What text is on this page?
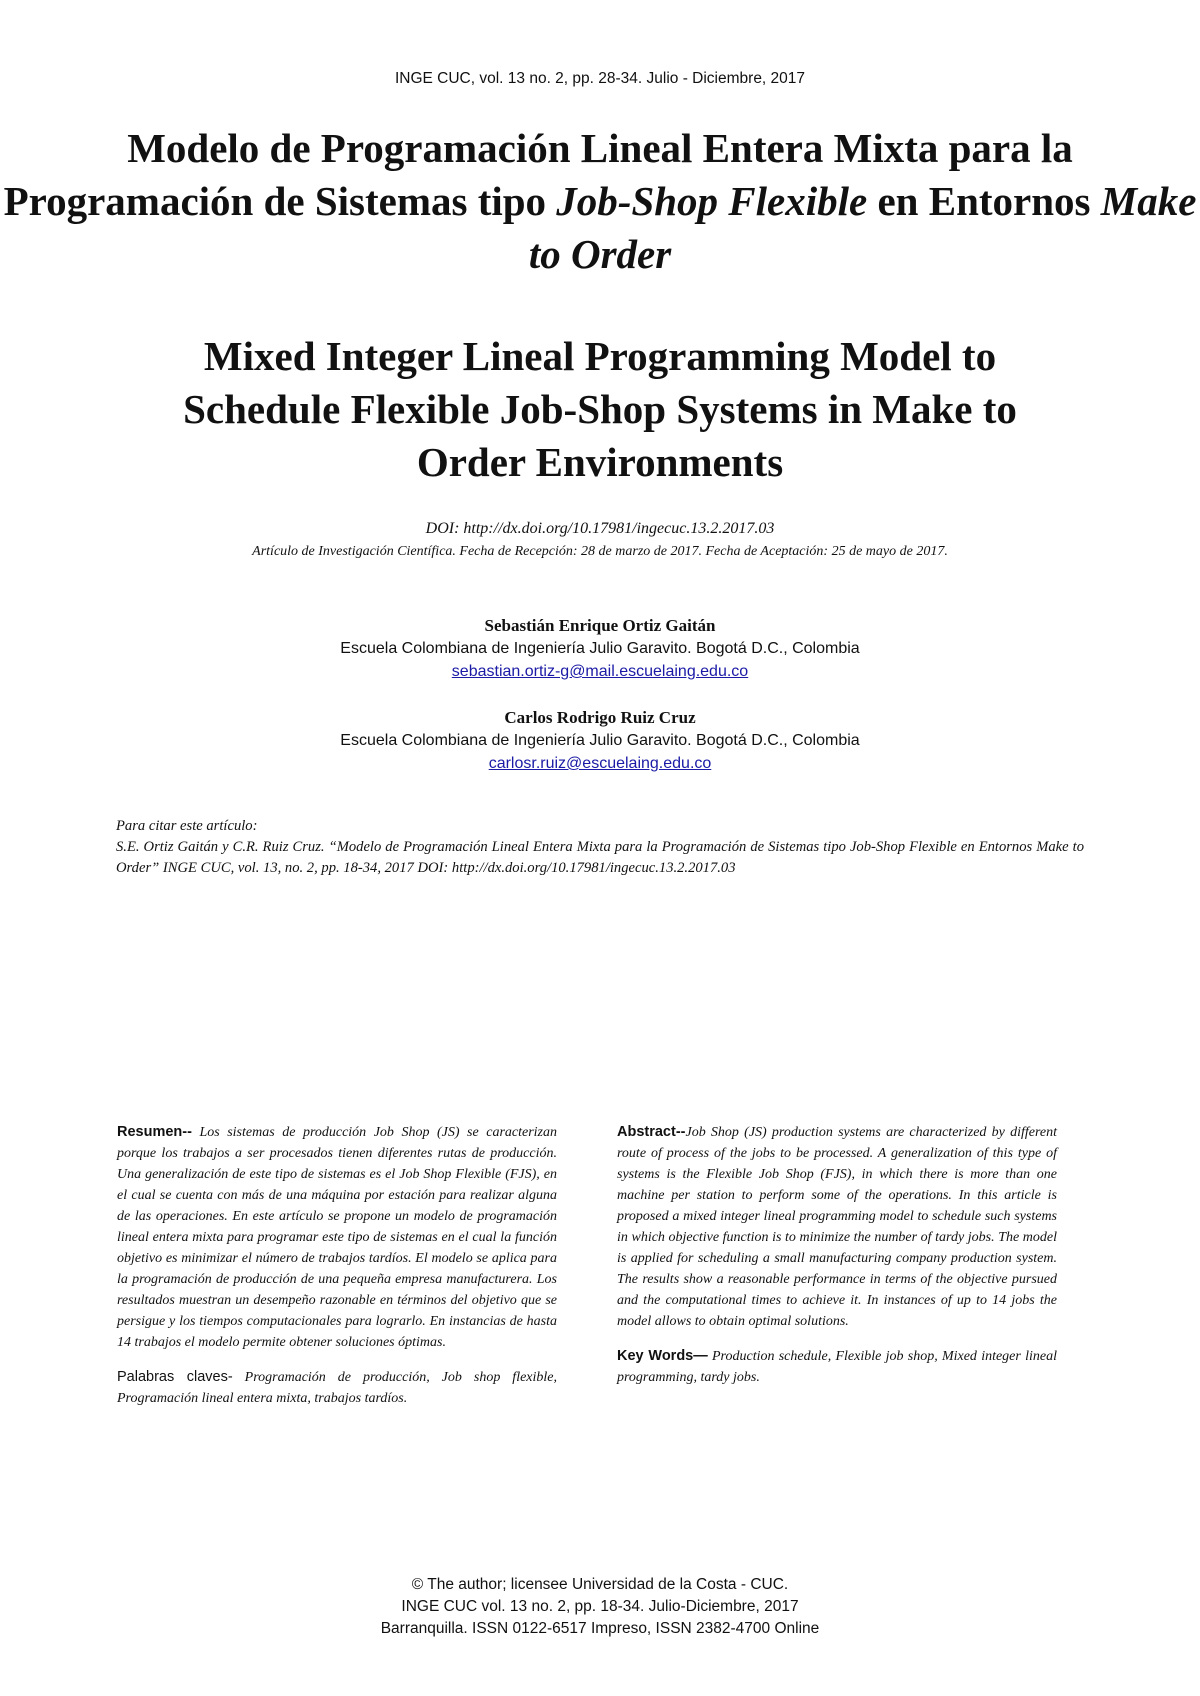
INGE CUC, vol. 13 no. 2, pp. 28-34. Julio - Diciembre, 2017
Modelo de Programación Lineal Entera Mixta para la Programación de Sistemas tipo Job-Shop Flexible en Entornos Make to Order
Mixed Integer Lineal Programming Model to Schedule Flexible Job-Shop Systems in Make to Order Environments
DOI: http://dx.doi.org/10.17981/ingecuc.13.2.2017.03
Artículo de Investigación Científica. Fecha de Recepción: 28 de marzo de 2017. Fecha de Aceptación: 25 de mayo de 2017.
Sebastián Enrique Ortiz Gaitán
Escuela Colombiana de Ingeniería Julio Garavito. Bogotá D.C., Colombia
sebastian.ortiz-g@mail.escuelaing.edu.co
Carlos Rodrigo Ruiz Cruz
Escuela Colombiana de Ingeniería Julio Garavito. Bogotá D.C., Colombia
carlosr.ruiz@escuelaing.edu.co
Para citar este artículo:
S.E. Ortiz Gaitán y C.R. Ruiz Cruz. “Modelo de Programación Lineal Entera Mixta para la Programación de Sistemas tipo Job-Shop Flexible en Entornos Make to Order” INGE CUC, vol. 13, no. 2, pp. 18-34, 2017 DOI: http://dx.doi.org/10.17981/ingecuc.13.2.2017.03

Resumen-- Los sistemas de producción Job Shop (JS) se caracterizan porque los trabajos a ser procesados tienen diferentes rutas de producción. Una generalización de este tipo de sistemas es el Job Shop Flexible (FJS), en el cual se cuenta con más de una máquina por estación para realizar alguna de las operaciones. En este artículo se propone un modelo de programación lineal entera mixta para programar este tipo de sistemas en el cual la función objetivo es minimizar el número de trabajos tardíos. El modelo se aplica para la programación de producción de una pequeña empresa manufacturera. Los resultados muestran un desempeño razonable en términos del objetivo que se persigue y los tiempos computacionales para lograrlo. En instancias de hasta 14 trabajos el modelo permite obtener soluciones óptimas.

Palabras claves- Programación de producción, Job shop flexible, Programación lineal entera mixta, trabajos tardíos.

Abstract--Job Shop (JS) production systems are characterized by different route of process of the jobs to be processed. A generalization of this type of systems is the Flexible Job Shop (FJS), in which there is more than one machine per station to perform some of the operations. In this article is proposed a mixed integer lineal programming model to schedule such systems in which objective function is to minimize the number of tardy jobs. The model is applied for scheduling a small manufacturing company production system. The results show a reasonable performance in terms of the objective pursued and the computational times to achieve it. In instances of up to 14 jobs the model allows to obtain optimal solutions.

Key Words— Production schedule, Flexible job shop, Mixed integer lineal programming, tardy jobs.

© The author; licensee Universidad de la Costa - CUC.
INGE CUC vol. 13 no. 2, pp. 18-34. Julio-Diciembre, 2017
Barranquilla. ISSN 0122-6517 Impreso, ISSN 2382-4700 Online
